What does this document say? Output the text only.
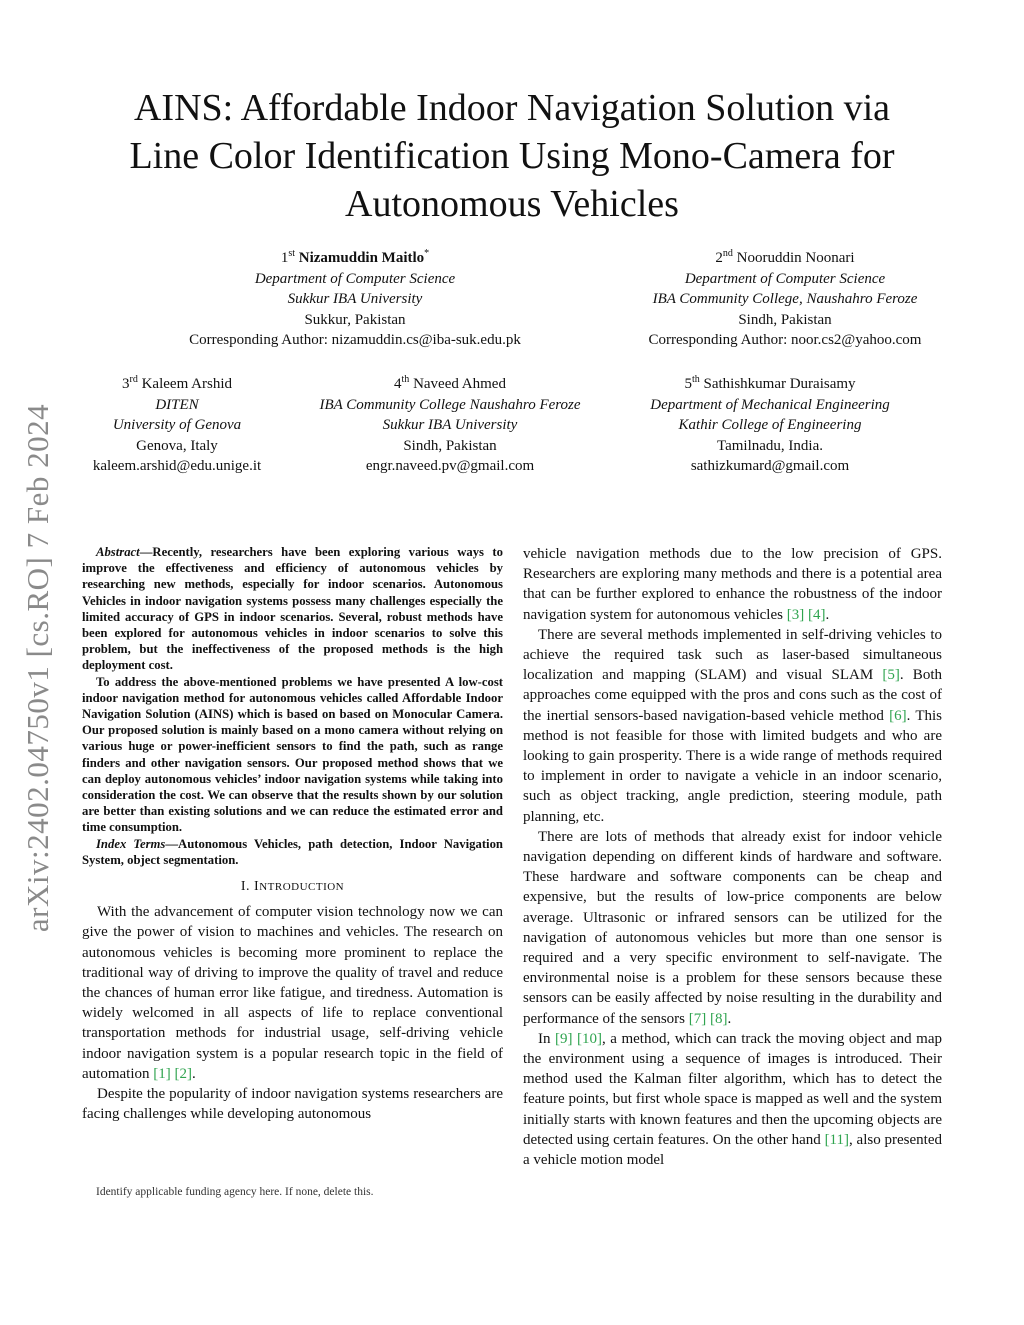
arXiv:2402.04750v1 [cs.RO] 7 Feb 2024
AINS: Affordable Indoor Navigation Solution via
Line Color Identification Using Mono-Camera for
Autonomous Vehicles
1st Nizamuddin Maitlo*
Department of Computer Science
Sukkur IBA University
Sukkur, Pakistan
Corresponding Author: nizamuddin.cs@iba-suk.edu.pk
2nd Nooruddin Noonari
Department of Computer Science
IBA Community College, Naushahro Feroze
Sindh, Pakistan
Corresponding Author: noor.cs2@yahoo.com
3rd Kaleem Arshid
DITEN
University of Genova
Genova, Italy
kaleem.arshid@edu.unige.it
4th Naveed Ahmed
IBA Community College Naushahro Feroze
Sukkur IBA University
Sindh, Pakistan
engr.naveed.pv@gmail.com
5th Sathishkumar Duraisamy
Department of Mechanical Engineering
Kathir College of Engineering
Tamilnadu, India.
sathizkumard@gmail.com

Abstract—Recently, researchers have been exploring various ways to improve the effectiveness and efficiency of autonomous vehicles by researching new methods, especially for indoor scenarios. Autonomous Vehicles in indoor navigation systems possess many challenges especially the limited accuracy of GPS in indoor scenarios. Several, robust methods have been explored for autonomous vehicles in indoor scenarios to solve this problem, but the ineffectiveness of the proposed methods is the high deployment cost.

To address the above-mentioned problems we have presented A low-cost indoor navigation method for autonomous vehicles called Affordable Indoor Navigation Solution (AINS) which is based on based on Monocular Camera. Our proposed solution is mainly based on a mono camera without relying on various huge or power-inefficient sensors to find the path, such as range finders and other navigation sensors. Our proposed method shows that we can deploy autonomous vehicles’ indoor navigation systems while taking into consideration the cost. We can observe that the results shown by our solution are better than existing solutions and we can reduce the estimated error and time consumption.

Index Terms—Autonomous Vehicles, path detection, Indoor Navigation System, object segmentation.

I. INTRODUCTION

With the advancement of computer vision technology now we can give the power of vision to machines and vehicles. The research on autonomous vehicles is becoming more prominent to replace the traditional way of driving to improve the quality of travel and reduce the chances of human error like fatigue, and tiredness. Automation is widely welcomed in all aspects of life to replace conventional transportation methods for industrial usage, self-driving vehicle indoor navigation system is a popular research topic in the field of automation [1] [2].

Despite the popularity of indoor navigation systems researchers are facing challenges while developing autonomous

vehicle navigation methods due to the low precision of GPS. Researchers are exploring many methods and there is a potential area that can be further explored to enhance the robustness of the indoor navigation system for autonomous vehicles [3] [4].

There are several methods implemented in self-driving vehicles to achieve the required task such as laser-based simultaneous localization and mapping (SLAM) and visual SLAM [5]. Both approaches come equipped with the pros and cons such as the cost of the inertial sensors-based navigation-based vehicle method [6]. This method is not feasible for those with limited budgets and who are looking to gain prosperity. There is a wide range of methods required to implement in order to navigate a vehicle in an indoor scenario, such as object tracking, angle prediction, steering module, path planning, etc.

There are lots of methods that already exist for indoor vehicle navigation depending on different kinds of hardware and software. These hardware and software components can be cheap and expensive, but the results of low-price components are below average. Ultrasonic or infrared sensors can be utilized for the navigation of autonomous vehicles but more than one sensor is required and a very specific environment to self-navigate. The environmental noise is a problem for these sensors because these sensors can be easily affected by noise resulting in the durability and performance of the sensors [7] [8].

In [9] [10], a method, which can track the moving object and map the environment using a sequence of images is introduced. Their method used the Kalman filter algorithm, which has to detect the feature points, but first whole space is mapped as well and the system initially starts with known features and then the upcoming objects are detected using certain features. On the other hand [11], also presented a vehicle motion model

Identify applicable funding agency here. If none, delete this.
